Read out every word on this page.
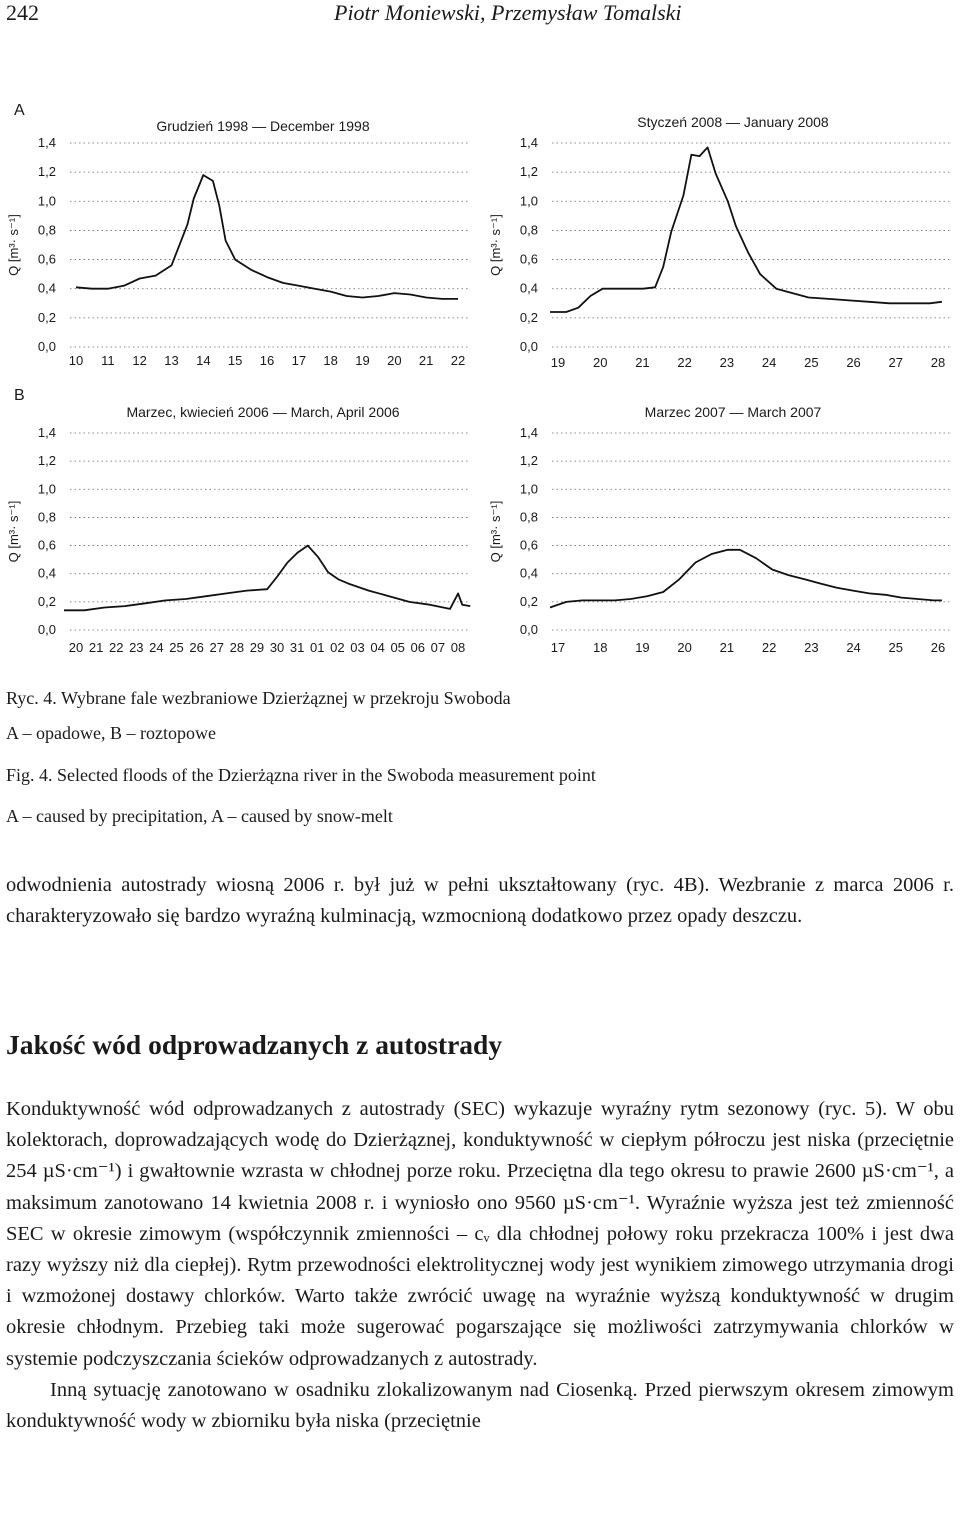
242	Piotr Moniewski, Przemysław Tomalski
A
B
Grudzień 1998 — December 1998
Q [m³· s⁻¹]
1,4
1,2
1,0
0,8
0,6
0,4
0,2
0,0
10 11 12 13 14 15 16 17 18 19 20 21 22
Styczeń 2008 — January 2008
Q [m³· s⁻¹]
1,4
1,2
1,0
0,8
0,6
0,4
0,2
0,0
19 20 21 22 23 24 25 26 27 28
Marzec, kwiecień 2006 — March, April 2006
Q [m³· s⁻¹]
1,4
1,2
1,0
0,8
0,6
0,4
0,2
0,0
20 21 22 23 24 25 26 27 28 29 30 31 01 02 03 04 05 06 07 08
Marzec 2007 — March 2007
Q [m³· s⁻¹]
1,4
1,2
1,0
0,8
0,6
0,4
0,2
0,0
17 18 19 20 21 22 23 24 25 26
Ryc. 4. Wybrane fale wezbraniowe Dzierżąznej w przekroju Swoboda
A – opadowe, B – roztopowe
Fig. 4. Selected floods of the Dzierżązna river in the Swoboda measurement point
A – caused by precipitation, A – caused by snow-melt

odwodnienia autostrady wiosną 2006 r. był już w pełni ukształtowany (ryc. 4B). Wezbranie z marca 2006 r. charakteryzowało się bardzo wyraźną kulminacją, wzmocnioną dodatkowo przez opady deszczu.

Jakość wód odprowadzanych z autostrady

Konduktywność wód odprowadzanych z autostrady (SEC) wykazuje wyraźny rytm sezonowy (ryc. 5). W obu kolektorach, doprowadzających wodę do Dzierżąznej, konduktywność w ciepłym półroczu jest niska (przeciętnie 254 µS·cm⁻¹) i gwałtownie wzrasta w chłodnej porze roku. Przeciętna dla tego okresu to prawie 2600 µS·cm⁻¹, a maksimum zanotowano 14 kwietnia 2008 r. i wyniosło ono 9560 µS·cm⁻¹. Wyraźnie wyższa jest też zmienność SEC w okresie zimowym (współczynnik zmienności – cᵥ dla chłodnej połowy roku przekracza 100% i jest dwa razy wyższy niż dla ciepłej). Rytm przewodności elektrolitycznej wody jest wynikiem zimowego utrzymania drogi i wzmożonej dostawy chlorków. Warto także zwrócić uwagę na wyraźnie wyższą konduktywność w drugim okresie chłodnym. Przebieg taki może sugerować pogarszające się możliwości zatrzymywania chlorków w systemie podczyszczania ścieków odprowadzanych z autostrady.

Inną sytuację zanotowano w osadniku zlokalizowanym nad Ciosenką. Przed pierwszym okresem zimowym konduktywność wody w zbiorniku była niska (przeciętnie
